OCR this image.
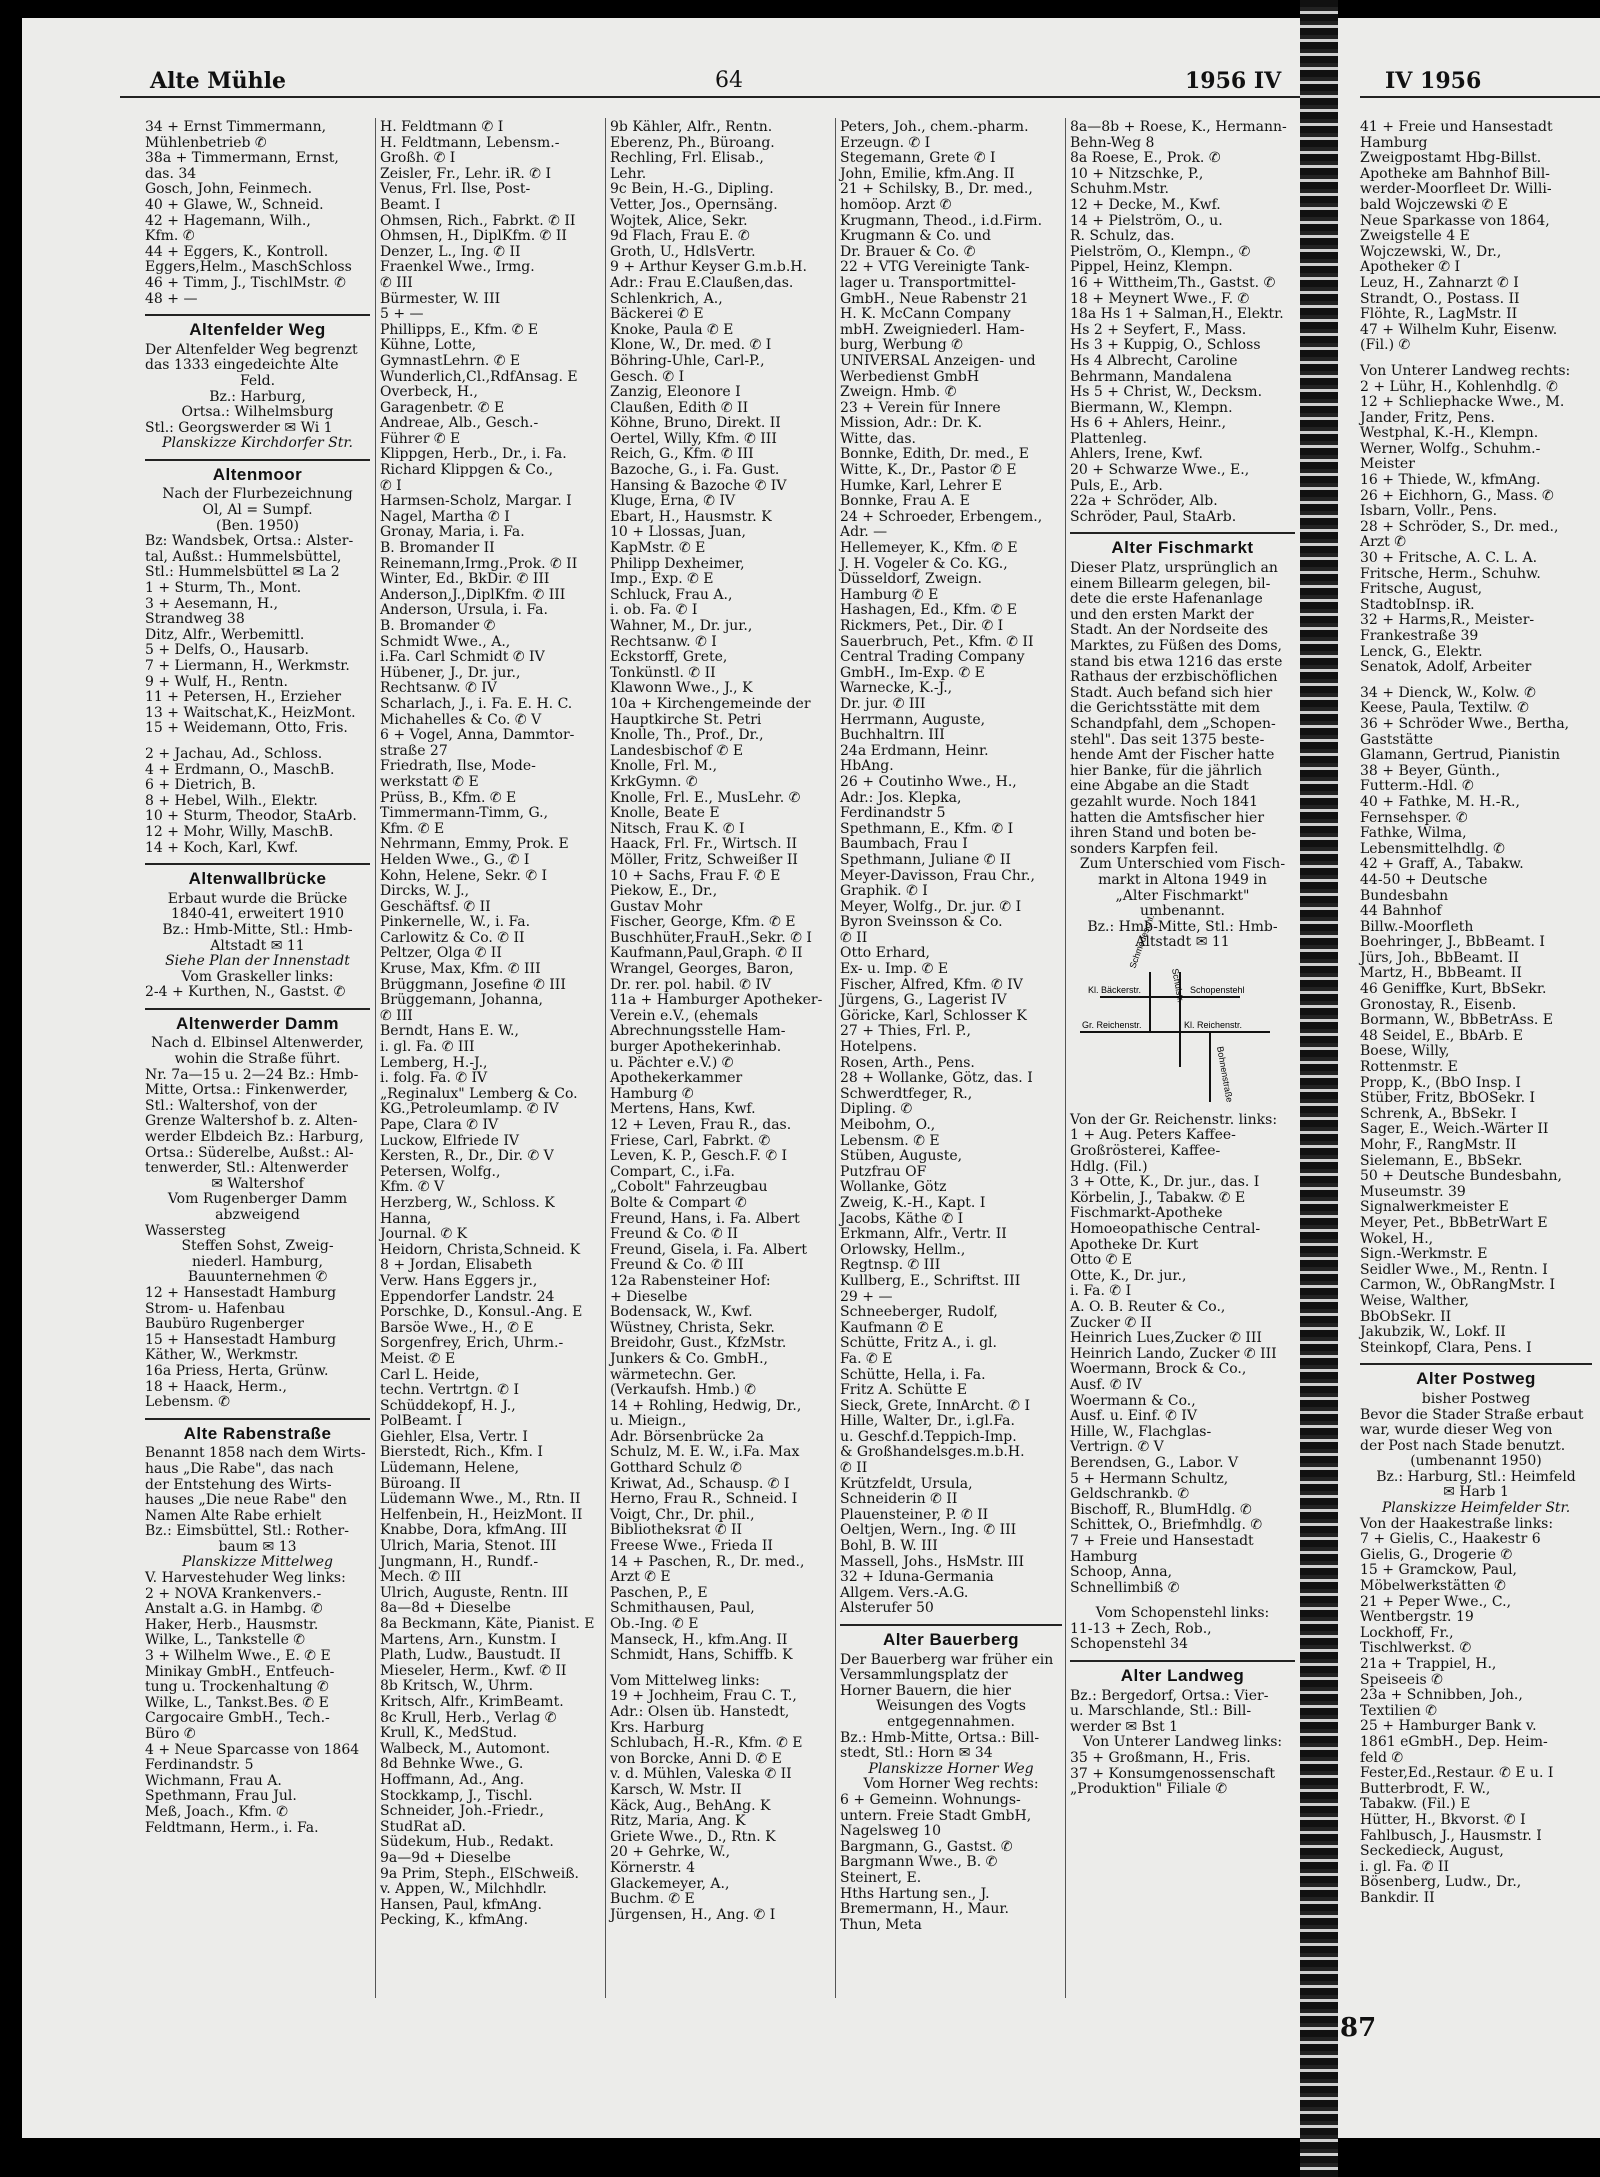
Alte Mühle	64	1956 IV	IV 1956
34 + Ernst Timmermann,
Mühlenbetrieb ✆
38a + Timmermann, Ernst,
das. 34
Gosch, John, Feinmech.
40 + Glawe, W., Schneid.
42 + Hagemann, Wilh.,
Kfm. ✆
44 + Eggers, K., Kontroll.
Eggers,Helm., MaschSchloss
46 + Timm, J., TischlMstr. ✆
48 + —
Altenfelder Weg
Der Altenfelder Weg begrenzt
das 1333 eingedeichte Alte
Feld.
Bz.: Harburg,
Ortsa.: Wilhelmsburg
Stl.: Georgswerder ✉ Wi 1
Planskizze Kirchdorfer Str.
Altenmoor
Nach der Flurbezeichnung
Ol, Al = Sumpf.
(Ben. 1950)
Bz: Wandsbek, Ortsa.: Alster-
tal, Außst.: Hummelsbüttel,
Stl.: Hummelsbüttel ✉ La 2
1 + Sturm, Th., Mont.
3 + Aesemann, H.,
Strandweg 38
Ditz, Alfr., Werbemittl.
5 + Delfs, O., Hausarb.
7 + Liermann, H., Werkmstr.
9 + Wulf, H., Rentn.
11 + Petersen, H., Erzieher
13 + Waitschat,K., HeizMont.
15 + Weidemann, Otto, Fris.
2 + Jachau, Ad., Schloss.
4 + Erdmann, O., MaschB.
6 + Dietrich, B.
8 + Hebel, Wilh., Elektr.
10 + Sturm, Theodor, StaArb.
12 + Mohr, Willy, MaschB.
14 + Koch, Karl, Kwf.
Altenwallbrücke
Erbaut wurde die Brücke
1840-41, erweitert 1910
Bz.: Hmb-Mitte, Stl.: Hmb-
Altstadt ✉ 11
Siehe Plan der Innenstadt
Vom Graskeller links:
2-4 + Kurthen, N., Gastst. ✆
Altenwerder Damm
Nach d. Elbinsel Altenwerder,
wohin die Straße führt.
Nr. 7a—15 u. 2—24 Bz.: Hmb-
Mitte, Ortsa.: Finkenwerder,
Stl.: Waltershof, von der
Grenze Waltershof b. z. Alten-
werder Elbdeich Bz.: Harburg,
Ortsa.: Süderelbe, Außst.: Al-
tenwerder, Stl.: Altenwerder
✉ Waltershof
Vom Rugenberger Damm
abzweigend
Wassersteg
Steffen Sohst, Zweig-
niederl. Hamburg,
Bauunternehmen ✆
12 + Hansestadt Hamburg
Strom- u. Hafenbau
Baubüro Rugenberger
15 + Hansestadt Hamburg
Käther, W., Werkmstr.
16a Priess, Herta, Grünw.
18 + Haack, Herm.,
Lebensm. ✆
Alte Rabenstraße
Benannt 1858 nach dem Wirts-
haus „Die Rabe", das nach
der Entstehung des Wirts-
hauses „Die neue Rabe" den
Namen Alte Rabe erhielt
Bz.: Eimsbüttel, Stl.: Rother-
baum ✉ 13
Planskizze Mittelweg
V. Harvestehuder Weg links:
2 + NOVA Krankenvers.-
Anstalt a.G. in Hambg. ✆
Haker, Herb., Hausmstr.
Wilke, L., Tankstelle ✆
3 + Wilhelm Wwe., E. ✆ E
Minikay GmbH., Entfeuch-
tung u. Trockenhaltung ✆
Wilke, L., Tankst.Bes. ✆ E
Cargocaire GmbH., Tech.-
Büro ✆
4 + Neue Sparcasse von 1864
Ferdinandstr. 5
Wichmann, Frau A.
Spethmann, Frau Jul.
Meß, Joach., Kfm. ✆
Feldtmann, Herm., i. Fa.
H. Feldtmann ✆ I
H. Feldtmann, Lebensm.-
Großh. ✆ I
Zeisler, Fr., Lehr. iR. ✆ I
Venus, Frl. Ilse, Post-
Beamt. I
Ohmsen, Rich., Fabrkt. ✆ II
Ohmsen, H., DiplKfm. ✆ II
Denzer, L., Ing. ✆ II
Fraenkel Wwe., Irmg.
✆ III
Bürmester, W. III
5 + —
Phillipps, E., Kfm. ✆ E
Kühne, Lotte,
GymnastLehrn. ✆ E
Wunderlich,Cl.,RdfAnsag. E
Overbeck, H.,
Garagenbetr. ✆ E
Andreae, Alb., Gesch.-
Führer ✆ E
Klippgen, Herb., Dr., i. Fa.
Richard Klippgen & Co.,
✆ I
Harmsen-Scholz, Margar. I
Nagel, Martha ✆ I
Gronay, Maria, i. Fa.
B. Bromander II
Reinemann,Irmg.,Prok. ✆ II
Winter, Ed., BkDir. ✆ III
Anderson,J.,DiplKfm. ✆ III
Anderson, Ursula, i. Fa.
B. Bromander ✆
Schmidt Wwe., A.,
i.Fa. Carl Schmidt ✆ IV
Hübener, J., Dr. jur.,
Rechtsanw. ✆ IV
Scharlach, J., i. Fa. E. H. C.
Michahelles & Co. ✆ V
6 + Vogel, Anna, Dammtor-
straße 27
Friedrath, Ilse, Mode-
werkstatt ✆ E
Prüss, B., Kfm. ✆ E
Timmermann-Timm, G.,
Kfm. ✆ E
Nehrmann, Emmy, Prok. E
Helden Wwe., G., ✆ I
Kohn, Helene, Sekr. ✆ I
Dircks, W. J.,
Geschäftsf. ✆ II
Pinkernelle, W., i. Fa.
Carlowitz & Co. ✆ II
Peltzer, Olga ✆ II
Kruse, Max, Kfm. ✆ III
Brüggmann, Josefine ✆ III
Brüggemann, Johanna,
✆ III
Berndt, Hans E. W.,
i. gl. Fa. ✆ III
Lemberg, H.-J.,
i. folg. Fa. ✆ IV
„Reginalux" Lemberg & Co.
KG.,Petroleumlamp. ✆ IV
Pape, Clara ✆ IV
Luckow, Elfriede IV
Kersten, R., Dr., Dir. ✆ V
Petersen, Wolfg.,
Kfm. ✆ V
Herzberg, W., Schloss. K
Hanna,
Journal. ✆ K
Heidorn, Christa,Schneid. K
8 + Jordan, Elisabeth
Verw. Hans Eggers jr.,
Eppendorfer Landstr. 24
Porschke, D., Konsul.-Ang. E
Barsöe Wwe., H., ✆ E
Sorgenfrey, Erich, Uhrm.-
Meist. ✆ E
Carl L. Heide,
techn. Vertrtgn. ✆ I
Schüddekopf, H. J.,
PolBeamt. I
Giehler, Elsa, Vertr. I
Bierstedt, Rich., Kfm. I
Lüdemann, Helene,
Büroang. II
Lüdemann Wwe., M., Rtn. II
Helfenbein, H., HeizMont. II
Knabbe, Dora, kfmAng. III
Ulrich, Maria, Stenot. III
Jungmann, H., Rundf.-
Mech. ✆ III
Ulrich, Auguste, Rentn. III
8a—8d + Dieselbe
8a Beckmann, Käte, Pianist. E
Martens, Arn., Kunstm. I
Plath, Ludw., Baustudt. II
Mieseler, Herm., Kwf. ✆ II
8b Kritsch, W., Uhrm.
Kritsch, Alfr., KrimBeamt.
8c Krull, Herb., Verlag ✆
Krull, K., MedStud.
Walbeck, M., Automont.
8d Behnke Wwe., G.
Hoffmann, Ad., Ang.
Stockkamp, J., Tischl.
Schneider, Joh.-Friedr.,
StudRat aD.
Südekum, Hub., Redakt.
9a—9d + Dieselbe
9a Prim, Steph., ElSchweiß.
v. Appen, W., Milchhdlr.
Hansen, Paul, kfmAng.
Pecking, K., kfmAng.
9b Kähler, Alfr., Rentn.
Eberenz, Ph., Büroang.
Rechling, Frl. Elisab.,
Lehr.
9c Bein, H.-G., Dipling.
Vetter, Jos., Opernsäng.
Wojtek, Alice, Sekr.
9d Flach, Frau E. ✆
Groth, U., HdlsVertr.
9 + Arthur Keyser G.m.b.H.
Adr.: Frau E.Claußen,das.
Schlenkrich, A.,
Bäckerei ✆ E
Knoke, Paula ✆ E
Klone, W., Dr. med. ✆ I
Böhring-Uhle, Carl-P.,
Gesch. ✆ I
Zanzig, Eleonore I
Claußen, Edith ✆ II
Köhne, Bruno, Direkt. II
Oertel, Willy, Kfm. ✆ III
Reich, G., Kfm. ✆ III
Bazoche, G., i. Fa. Gust.
Hansing & Bazoche ✆ IV
Kluge, Erna, ✆ IV
Ebart, H., Hausmstr. K
10 + Llossas, Juan,
KapMstr. ✆ E
Philipp Dexheimer,
Imp., Exp. ✆ E
Schluck, Frau A.,
i. ob. Fa. ✆ I
Wahner, M., Dr. jur.,
Rechtsanw. ✆ I
Eckstorff, Grete,
Tonkünstl. ✆ II
Klawonn Wwe., J., K
10a + Kirchengemeinde der
Hauptkirche St. Petri
Knolle, Th., Prof., Dr.,
Landesbischof ✆ E
Knolle, Frl. M.,
KrkGymn. ✆
Knolle, Frl. E., MusLehr. ✆
Knolle, Beate E
Nitsch, Frau K. ✆ I
Haack, Frl. Fr., Wirtsch. II
Möller, Fritz, Schweißer II
10 + Sachs, Frau F. ✆ E
Piekow, E., Dr.,
Gustav Mohr
Fischer, George, Kfm. ✆ E
Buschhüter,FrauH.,Sekr. ✆ I
Kaufmann,Paul,Graph. ✆ II
Wrangel, Georges, Baron,
Dr. rer. pol. habil. ✆ IV
11a + Hamburger Apotheker-
Verein e.V., (ehemals
Abrechnungsstelle Ham-
burger Apothekerinhab.
u. Pächter e.V.) ✆
Apothekerkammer
Hamburg ✆
Mertens, Hans, Kwf.
12 + Leven, Frau R., das.
Friese, Carl, Fabrkt. ✆
Leven, K. P., Gesch.F. ✆ I
Compart, C., i.Fa.
„Cobolt" Fahrzeugbau
Bolte & Compart ✆
Freund, Hans, i. Fa. Albert
Freund & Co. ✆ II
Freund, Gisela, i. Fa. Albert
Freund & Co. ✆ III
12a Rabensteiner Hof:
+ Dieselbe
Bodensack, W., Kwf.
Wüstney, Christa, Sekr.
Breidohr, Gust., KfzMstr.
Junkers & Co. GmbH.,
wärmetechn. Ger.
(Verkaufsh. Hmb.) ✆
14 + Rohling, Hedwig, Dr.,
u. Mieign.,
Adr. Börsenbrücke 2a
Schulz, M. E. W., i.Fa. Max
Gotthard Schulz ✆
Kriwat, Ad., Schausp. ✆ I
Herno, Frau R., Schneid. I
Voigt, Chr., Dr. phil.,
Bibliotheksrat ✆ II
Freese Wwe., Frieda II
14 + Paschen, R., Dr. med.,
Arzt ✆ E
Paschen, P., E
Schmithausen, Paul,
Ob.-Ing. ✆ E
Manseck, H., kfm.Ang. II
Schmidt, Hans, Schiffb. K
Vom Mittelweg links:
19 + Jochheim, Frau C. T.,
Adr.: Olsen üb. Hanstedt,
Krs. Harburg
Schlubach, H.-R., Kfm. ✆ E
von Borcke, Anni D. ✆ E
v. d. Mühlen, Valeska ✆ II
Karsch, W. Mstr. II
Käck, Aug., BehAng. K
Ritz, Maria, Ang. K
Griete Wwe., D., Rtn. K
20 + Gehrke, W.,
Körnerstr. 4
Glackemeyer, A.,
Buchm. ✆ E
Jürgensen, H., Ang. ✆ I
Peters, Joh., chem.-pharm.
Erzeugn. ✆ I
Stegemann, Grete ✆ I
John, Emilie, kfm.Ang. II
21 + Schilsky, B., Dr. med.,
homöop. Arzt ✆
Krugmann, Theod., i.d.Firm.
Krugmann & Co. und
Dr. Brauer & Co. ✆
22 + VTG Vereinigte Tank-
lager u. Transportmittel-
GmbH., Neue Rabenstr 21
H. K. McCann Company
mbH. Zweigniederl. Ham-
burg, Werbung ✆
UNIVERSAL Anzeigen- und
Werbedienst GmbH
Zweign. Hmb. ✆
23 + Verein für Innere
Mission, Adr.: Dr. K.
Witte, das.
Bonnke, Edith, Dr. med., E
Witte, K., Dr., Pastor ✆ E
Humke, Karl, Lehrer E
Bonnke, Frau A. E
24 + Schroeder, Erbengem.,
Adr. —
Hellemeyer, K., Kfm. ✆ E
J. H. Vogeler & Co. KG.,
Düsseldorf, Zweign.
Hamburg ✆ E
Hashagen, Ed., Kfm. ✆ E
Rickmers, Pet., Dir. ✆ I
Sauerbruch, Pet., Kfm. ✆ II
Central Trading Company
GmbH., Im-Exp. ✆ E
Warnecke, K.-J.,
Dr. jur. ✆ III
Herrmann, Auguste,
Buchhaltrn. III
24a Erdmann, Heinr.
HbAng.
26 + Coutinho Wwe., H.,
Adr.: Jos. Klepka,
Ferdinandstr 5
Spethmann, E., Kfm. ✆ I
Baumbach, Frau I
Spethmann, Juliane ✆ II
Meyer-Davisson, Frau Chr.,
Graphik. ✆ I
Meyer, Wolfg., Dr. jur. ✆ I
Byron Sveinsson & Co.
✆ II
Otto Erhard,
Ex- u. Imp. ✆ E
Fischer, Alfred, Kfm. ✆ IV
Jürgens, G., Lagerist IV
Göricke, Karl, Schlosser K
27 + Thies, Frl. P.,
Hotelpens.
Rosen, Arth., Pens.
28 + Wollanke, Götz, das. I
Schwerdtfeger, R.,
Dipling. ✆
Meibohm, O.,
Lebensm. ✆ E
Stüben, Auguste,
Putzfrau OF
Wollanke, Götz
Zweig, K.-H., Kapt. I
Jacobs, Käthe ✆ I
Erkmann, Alfr., Vertr. II
Orlowsky, Hellm.,
Regtnsp. ✆ III
Kullberg, E., Schriftst. III
29 + —
Schneeberger, Rudolf,
Kaufmann ✆ E
Schütte, Fritz A., i. gl.
Fa. ✆ E
Schütte, Hella, i. Fa.
Fritz A. Schütte E
Sieck, Grete, InnArcht. ✆ I
Hille, Walter, Dr., i.gl.Fa.
u. Geschf.d.Teppich-Imp.
& Großhandelsges.m.b.H.
✆ II
Krützfeldt, Ursula,
Schneiderin ✆ II
Plauensteiner, P. ✆ II
Oeltjen, Wern., Ing. ✆ III
Bohl, B. W. III
Massell, Johs., HsMstr. III
32 + Iduna-Germania
Allgem. Vers.-A.G.
Alsterufer 50
Alter Bauerberg
Der Bauerberg war früher ein
Versammlungsplatz der
Horner Bauern, die hier
Weisungen des Vogts
entgegennahmen.
Bz.: Hmb-Mitte, Ortsa.: Bill-
stedt, Stl.: Horn ✉ 34
Planskizze Horner Weg
Vom Horner Weg rechts:
6 + Gemeinn. Wohnungs-
untern. Freie Stadt GmbH,
Nagelsweg 10
Bargmann, G., Gastst. ✆
Bargmann Wwe., B. ✆
Steinert, E.
Hths Hartung sen., J.
Bremermann, H., Maur.
Thun, Meta
8a—8b + Roese, K., Hermann-
Behn-Weg 8
8a Roese, E., Prok. ✆
10 + Nitzschke, P.,
Schuhm.Mstr.
12 + Decke, M., Kwf.
14 + Pielström, O., u.
R. Schulz, das.
Pielström, O., Klempn., ✆
Pippel, Heinz, Klempn.
16 + Wittheim,Th., Gastst. ✆
18 + Meynert Wwe., F. ✆
18a Hs 1 + Salman,H., Elektr.
Hs 2 + Seyfert, F., Mass.
Hs 3 + Kuppig, O., Schloss
Hs 4 Albrecht, Caroline
Behrmann, Mandalena
Hs 5 + Christ, W., Decksm.
Biermann, W., Klempn.
Hs 6 + Ahlers, Heinr.,
Plattenleg.
Ahlers, Irene, Kwf.
20 + Schwarze Wwe., E.,
Puls, E., Arb.
22a + Schröder, Alb.
Schröder, Paul, StaArb.
Alter Fischmarkt
Dieser Platz, ursprünglich an
einem Billearm gelegen, bil-
dete die erste Hafenanlage
und den ersten Markt der
Stadt. An der Nordseite des
Marktes, zu Füßen des Doms,
stand bis etwa 1216 das erste
Rathaus der erzbischöflichen
Stadt. Auch befand sich hier
die Gerichtsstätte mit dem
Schandpfahl, dem „Schopen-
stehl". Das seit 1375 beste-
hende Amt der Fischer hatte
hier Banke, für die jährlich
eine Abgabe an die Stadt
gezahlt wurde. Noch 1841
hatten die Amtsfischer hier
ihren Stand und boten be-
sonders Karpfen feil.
Zum Unterschied vom Fisch-
markt in Altona 1949 in
„Alter Fischmarkt"
umbenannt.
Bz.: Hmb-Mitte, Stl.: Hmb-
Altstadt ✉ 11
Schmedeschl.
Schulstr. Schopenstehl
Kl. Bäckerstr.
Gr. Reichenstr.	Kl. Reichenstr.
Bohnenstraße
Von der Gr. Reichenstr. links:
1 + Aug. Peters Kaffee-
Großrösterei, Kaffee-
Hdlg. (Fil.)
3 + Otte, K., Dr. jur., das. I
Körbelin, J., Tabakw. ✆ E
Fischmarkt-Apotheke
Homoeopathische Central-
Apotheke Dr. Kurt
Otto ✆ E
Otte, K., Dr. jur.,
i. Fa. ✆ I
A. O. B. Reuter & Co.,
Zucker ✆ II
Heinrich Lues,Zucker ✆ III
Heinrich Lando, Zucker ✆ III
Woermann, Brock & Co.,
Ausf. ✆ IV
Woermann & Co.,
Ausf. u. Einf. ✆ IV
Hille, W., Flachglas-
Vertrign. ✆ V
Berendsen, G., Labor. V
5 + Hermann Schultz,
Geldschrankb. ✆
Bischoff, R., BlumHdlg. ✆
Schittek, O., Briefmhdlg. ✆
7 + Freie und Hansestadt
Hamburg
Schoop, Anna,
Schnellimbiß ✆
Vom Schopenstehl links:
11-13 + Zech, Rob.,
Schopenstehl 34
Alter Landweg
Bz.: Bergedorf, Ortsa.: Vier-
u. Marschlande, Stl.: Bill-
werder ✉ Bst 1
Von Unterer Landweg links:
35 + Großmann, H., Fris.
37 + Konsumgenossenschaft
„Produktion" Filiale ✆
41 + Freie und Hansestadt
Hamburg
Zweigpostamt Hbg-Billst.
Apotheke am Bahnhof Bill-
werder-Moorfleet Dr. Willi-
bald Wojczewski ✆ E
Neue Sparkasse von 1864,
Zweigstelle 4 E
Wojczewski, W., Dr.,
Apotheker ✆ I
Leuz, H., Zahnarzt ✆ I
Strandt, O., Postass. II
Flöhte, R., LagMstr. II
47 + Wilhelm Kuhr, Eisenw.
(Fil.) ✆
Von Unterer Landweg rechts:
2 + Lühr, H., Kohlenhdlg. ✆
12 + Schliephacke Wwe., M.
Jander, Fritz, Pens.
Westphal, K.-H., Klempn.
Werner, Wolfg., Schuhm.-
Meister
16 + Thiede, W., kfmAng.
26 + Eichhorn, G., Mass. ✆
Isbarn, Vollr., Pens.
28 + Schröder, S., Dr. med.,
Arzt ✆
30 + Fritsche, A. C. L. A.
Fritsche, Herm., Schuhw.
Fritsche, August,
StadtobInsp. iR.
32 + Harms,R., Meister-
Frankestraße 39
Lenck, G., Elektr.
Senatok, Adolf, Arbeiter
34 + Dienck, W., Kolw. ✆
Keese, Paula, Textilw. ✆
36 + Schröder Wwe., Bertha,
Gaststätte
Glamann, Gertrud, Pianistin
38 + Beyer, Günth.,
Futterm.-Hdl. ✆
40 + Fathke, M. H.-R.,
Fernsehsper. ✆
Fathke, Wilma,
Lebensmittelhdlg. ✆
42 + Graff, A., Tabakw.
44-50 + Deutsche
Bundesbahn
44 Bahnhof
Billw.-Moorfleth
Boehringer, J., BbBeamt. I
Jürs, Joh., BbBeamt. II
Martz, H., BbBeamt. II
46 Geniffke, Kurt, BbSekr.
Gronostay, R., Eisenb.
Bormann, W., BbBetrAss. E
48 Seidel, E., BbArb. E
Boese, Willy,
Rottenmstr. E
Propp, K., (BbO Insp. I
Stüber, Fritz, BbOSekr. I
Schrenk, A., BbSekr. I
Sager, E., Weich.-Wärter II
Mohr, F., RangMstr. II
Sielemann, E., BbSekr.
50 + Deutsche Bundesbahn,
Museumstr. 39
Signalwerkmeister E
Meyer, Pet., BbBetrWart E
Wokel, H.,
Sign.-Werkmstr. E
Seidler Wwe., M., Rentn. I
Carmon, W., ObRangMstr. I
Weise, Walther,
BbObSekr. II
Jakubzik, W., Lokf. II
Steinkopf, Clara, Pens. I
Alter Postweg
bisher Postweg
Bevor die Stader Straße erbaut
war, wurde dieser Weg von
der Post nach Stade benutzt.
(umbenannt 1950)
Bz.: Harburg, Stl.: Heimfeld
✉ Harb 1
Planskizze Heimfelder Str.
Von der Haakestraße links:
7 + Gielis, C., Haakestr 6
Gielis, G., Drogerie ✆
15 + Gramckow, Paul,
Möbelwerkstätten ✆
21 + Peper Wwe., C.,
Wentbergstr. 19
Lockhoff, Fr.,
Tischlwerkst. ✆
21a + Trappiel, H.,
Speiseeis ✆
23a + Schnibben, Joh.,
Textilien ✆
25 + Hamburger Bank v.
1861 eGmbH., Dep. Heim-
feld ✆
Fester,Ed.,Restaur. ✆ E u. I
Butterbrodt, F. W.,
Tabakw. (Fil.) E
Hütter, H., Bkvorst. ✆ I
Fahlbusch, J., Hausmstr. I
Seckedieck, August,
i. gl. Fa. ✆ II
Bösenberg, Ludw., Dr.,
Bankdir. II
87
